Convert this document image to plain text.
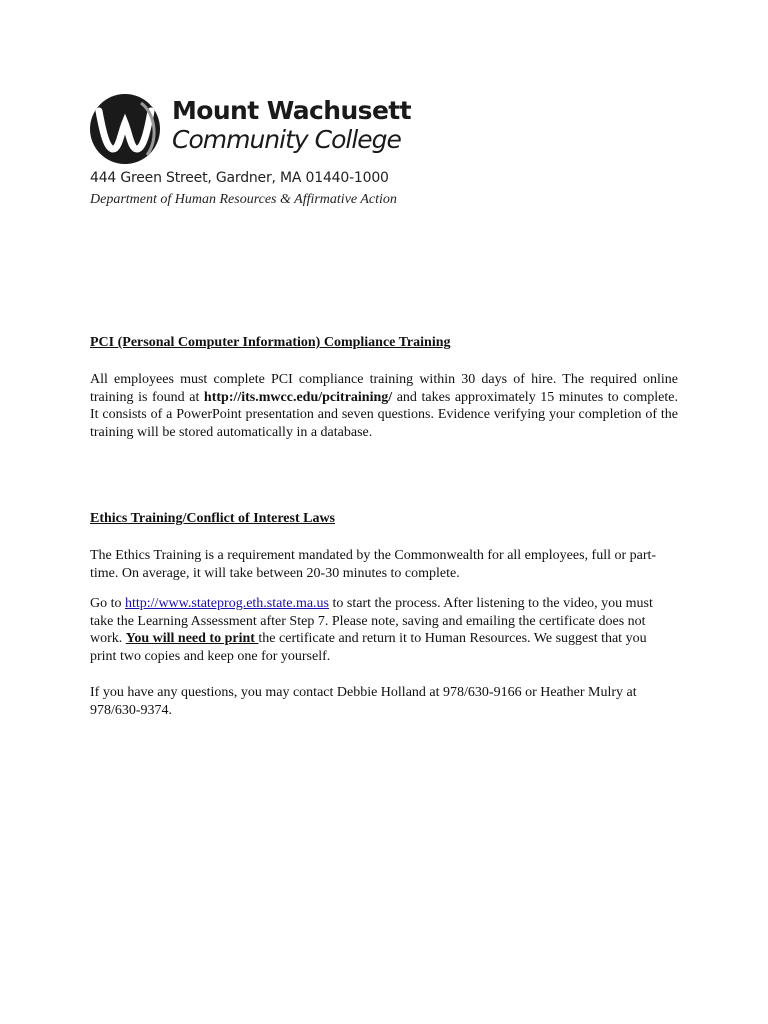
Mount Wachusett
Community College
444 Green Street, Gardner, MA 01440-1000
Department of Human Resources & Affirmative Action
PCI (Personal Computer Information) Compliance Training
All employees must complete PCI compliance training within 30 days of hire. The required online training is found at http://its.mwcc.edu/pcitraining/ and takes approximately 15 minutes to complete. It consists of a PowerPoint presentation and seven questions. Evidence verifying your completion of the training will be stored automatically in a database.
Ethics Training/Conflict of Interest Laws
The Ethics Training is a requirement mandated by the Commonwealth for all employees, full or part-time. On average, it will take between 20-30 minutes to complete.
Go to http://www.stateprog.eth.state.ma.us to start the process. After listening to the video, you must take the Learning Assessment after Step 7. Please note, saving and emailing the certificate does not work. You will need to print the certificate and return it to Human Resources. We suggest that you print two copies and keep one for yourself.
If you have any questions, you may contact Debbie Holland at 978/630-9166 or Heather Mulry at 978/630-9374.
